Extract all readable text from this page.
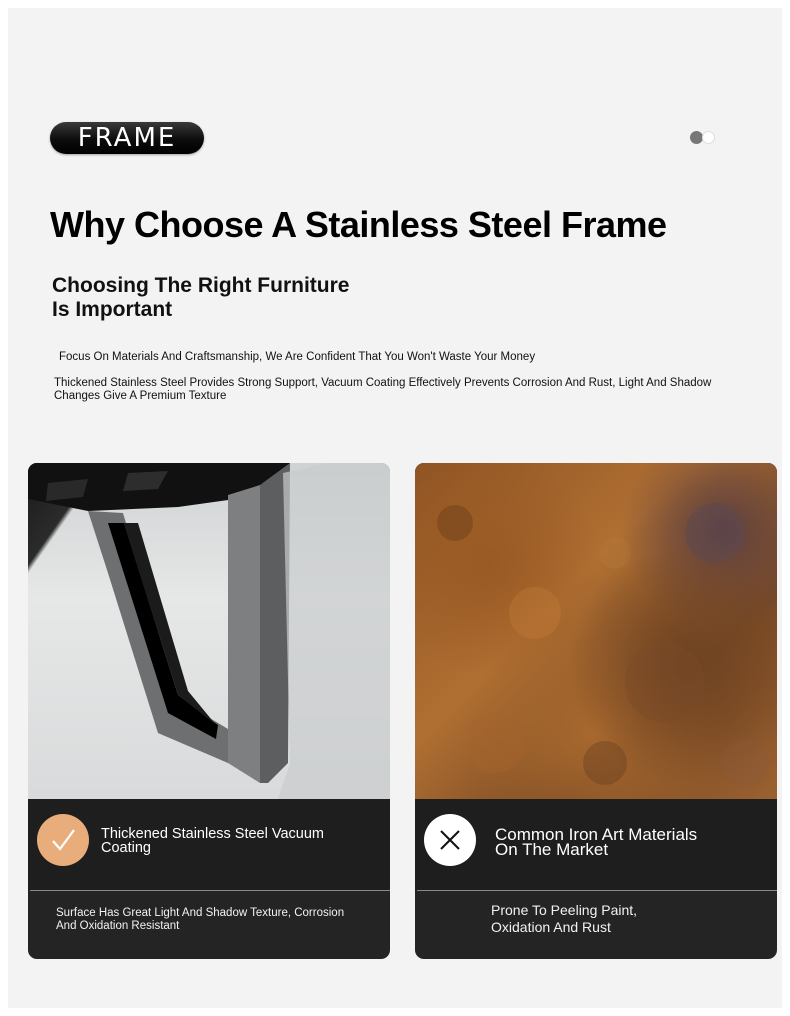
FRAME
Why Choose A Stainless Steel Frame
Choosing The Right Furniture
Is Important
Focus On Materials And Craftsmanship, We Are Confident That You Won't Waste Your Money
Thickened Stainless Steel Provides Strong Support, Vacuum Coating Effectively Prevents Corrosion And Rust, Light And Shadow Changes Give A Premium Texture
Thickened Stainless Steel Vacuum
Coating
Surface Has Great Light And Shadow Texture, Corrosion
And Oxidation Resistant
Common Iron Art Materials
On The Market
Prone To Peeling Paint,
Oxidation And Rust
